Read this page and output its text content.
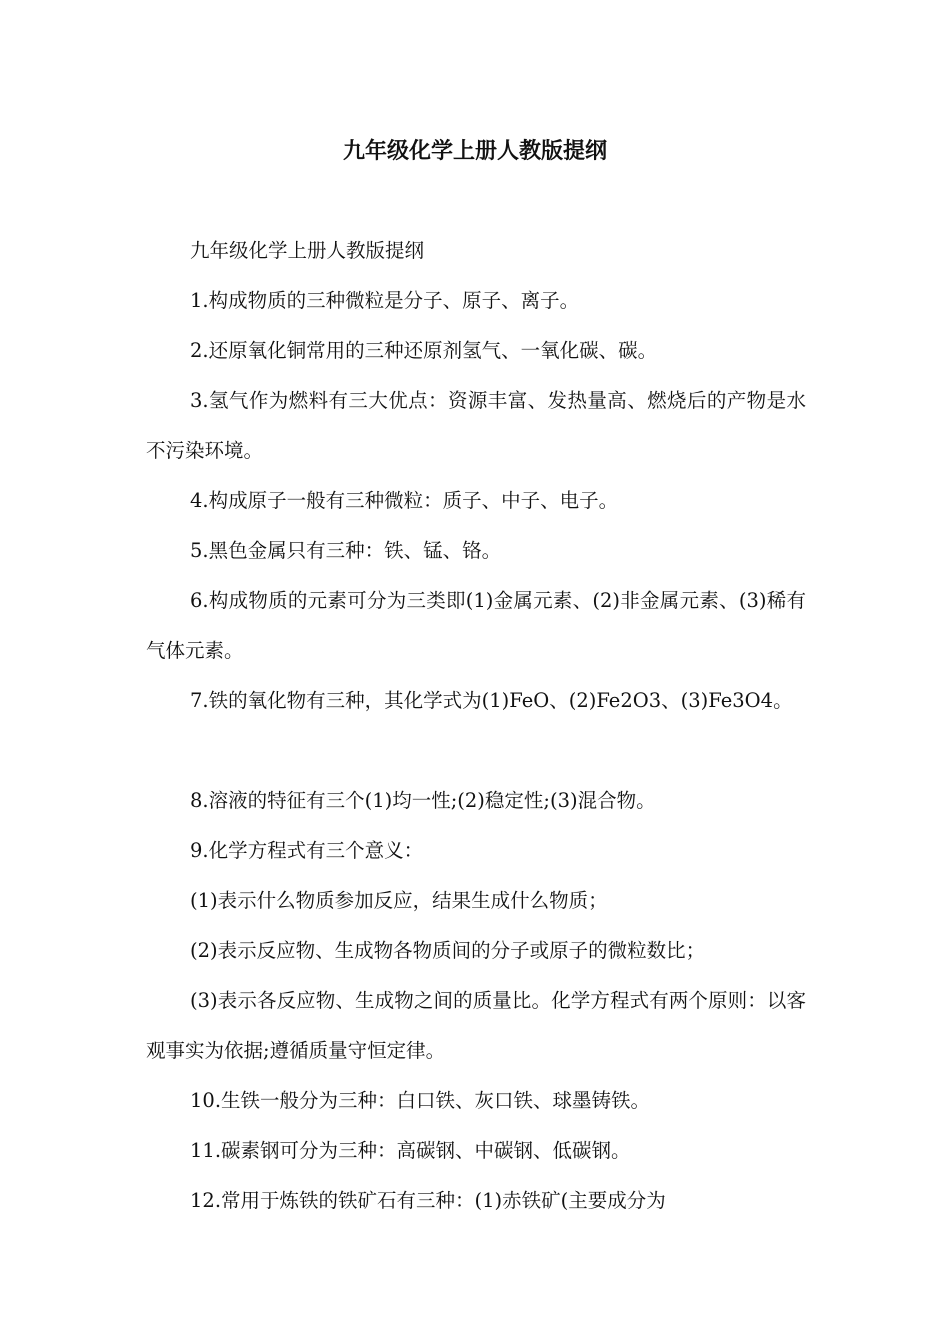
九年级化学上册人教版提纲

九年级化学上册人教版提纲

1.构成物质的三种微粒是分子、原子、离子。

2.还原氧化铜常用的三种还原剂氢气、一氧化碳、碳。

3.氢气作为燃料有三大优点：资源丰富、发热量高、燃烧后的产物是水不污染环境。

4.构成原子一般有三种微粒：质子、中子、电子。

5.黑色金属只有三种：铁、锰、铬。

6.构成物质的元素可分为三类即(1)金属元素、(2)非金属元素、(3)稀有气体元素。

7.铁的氧化物有三种，其化学式为(1)FeO、(2)Fe2O3、(3)Fe3O4。

8.溶液的特征有三个(1)均一性;(2)稳定性;(3)混合物。

9.化学方程式有三个意义：

(1)表示什么物质参加反应，结果生成什么物质；

(2)表示反应物、生成物各物质间的分子或原子的微粒数比；

(3)表示各反应物、生成物之间的质量比。化学方程式有两个原则：以客观事实为依据;遵循质量守恒定律。

10.生铁一般分为三种：白口铁、灰口铁、球墨铸铁。

11.碳素钢可分为三种：高碳钢、中碳钢、低碳钢。

12.常用于炼铁的铁矿石有三种：(1)赤铁矿(主要成分为
